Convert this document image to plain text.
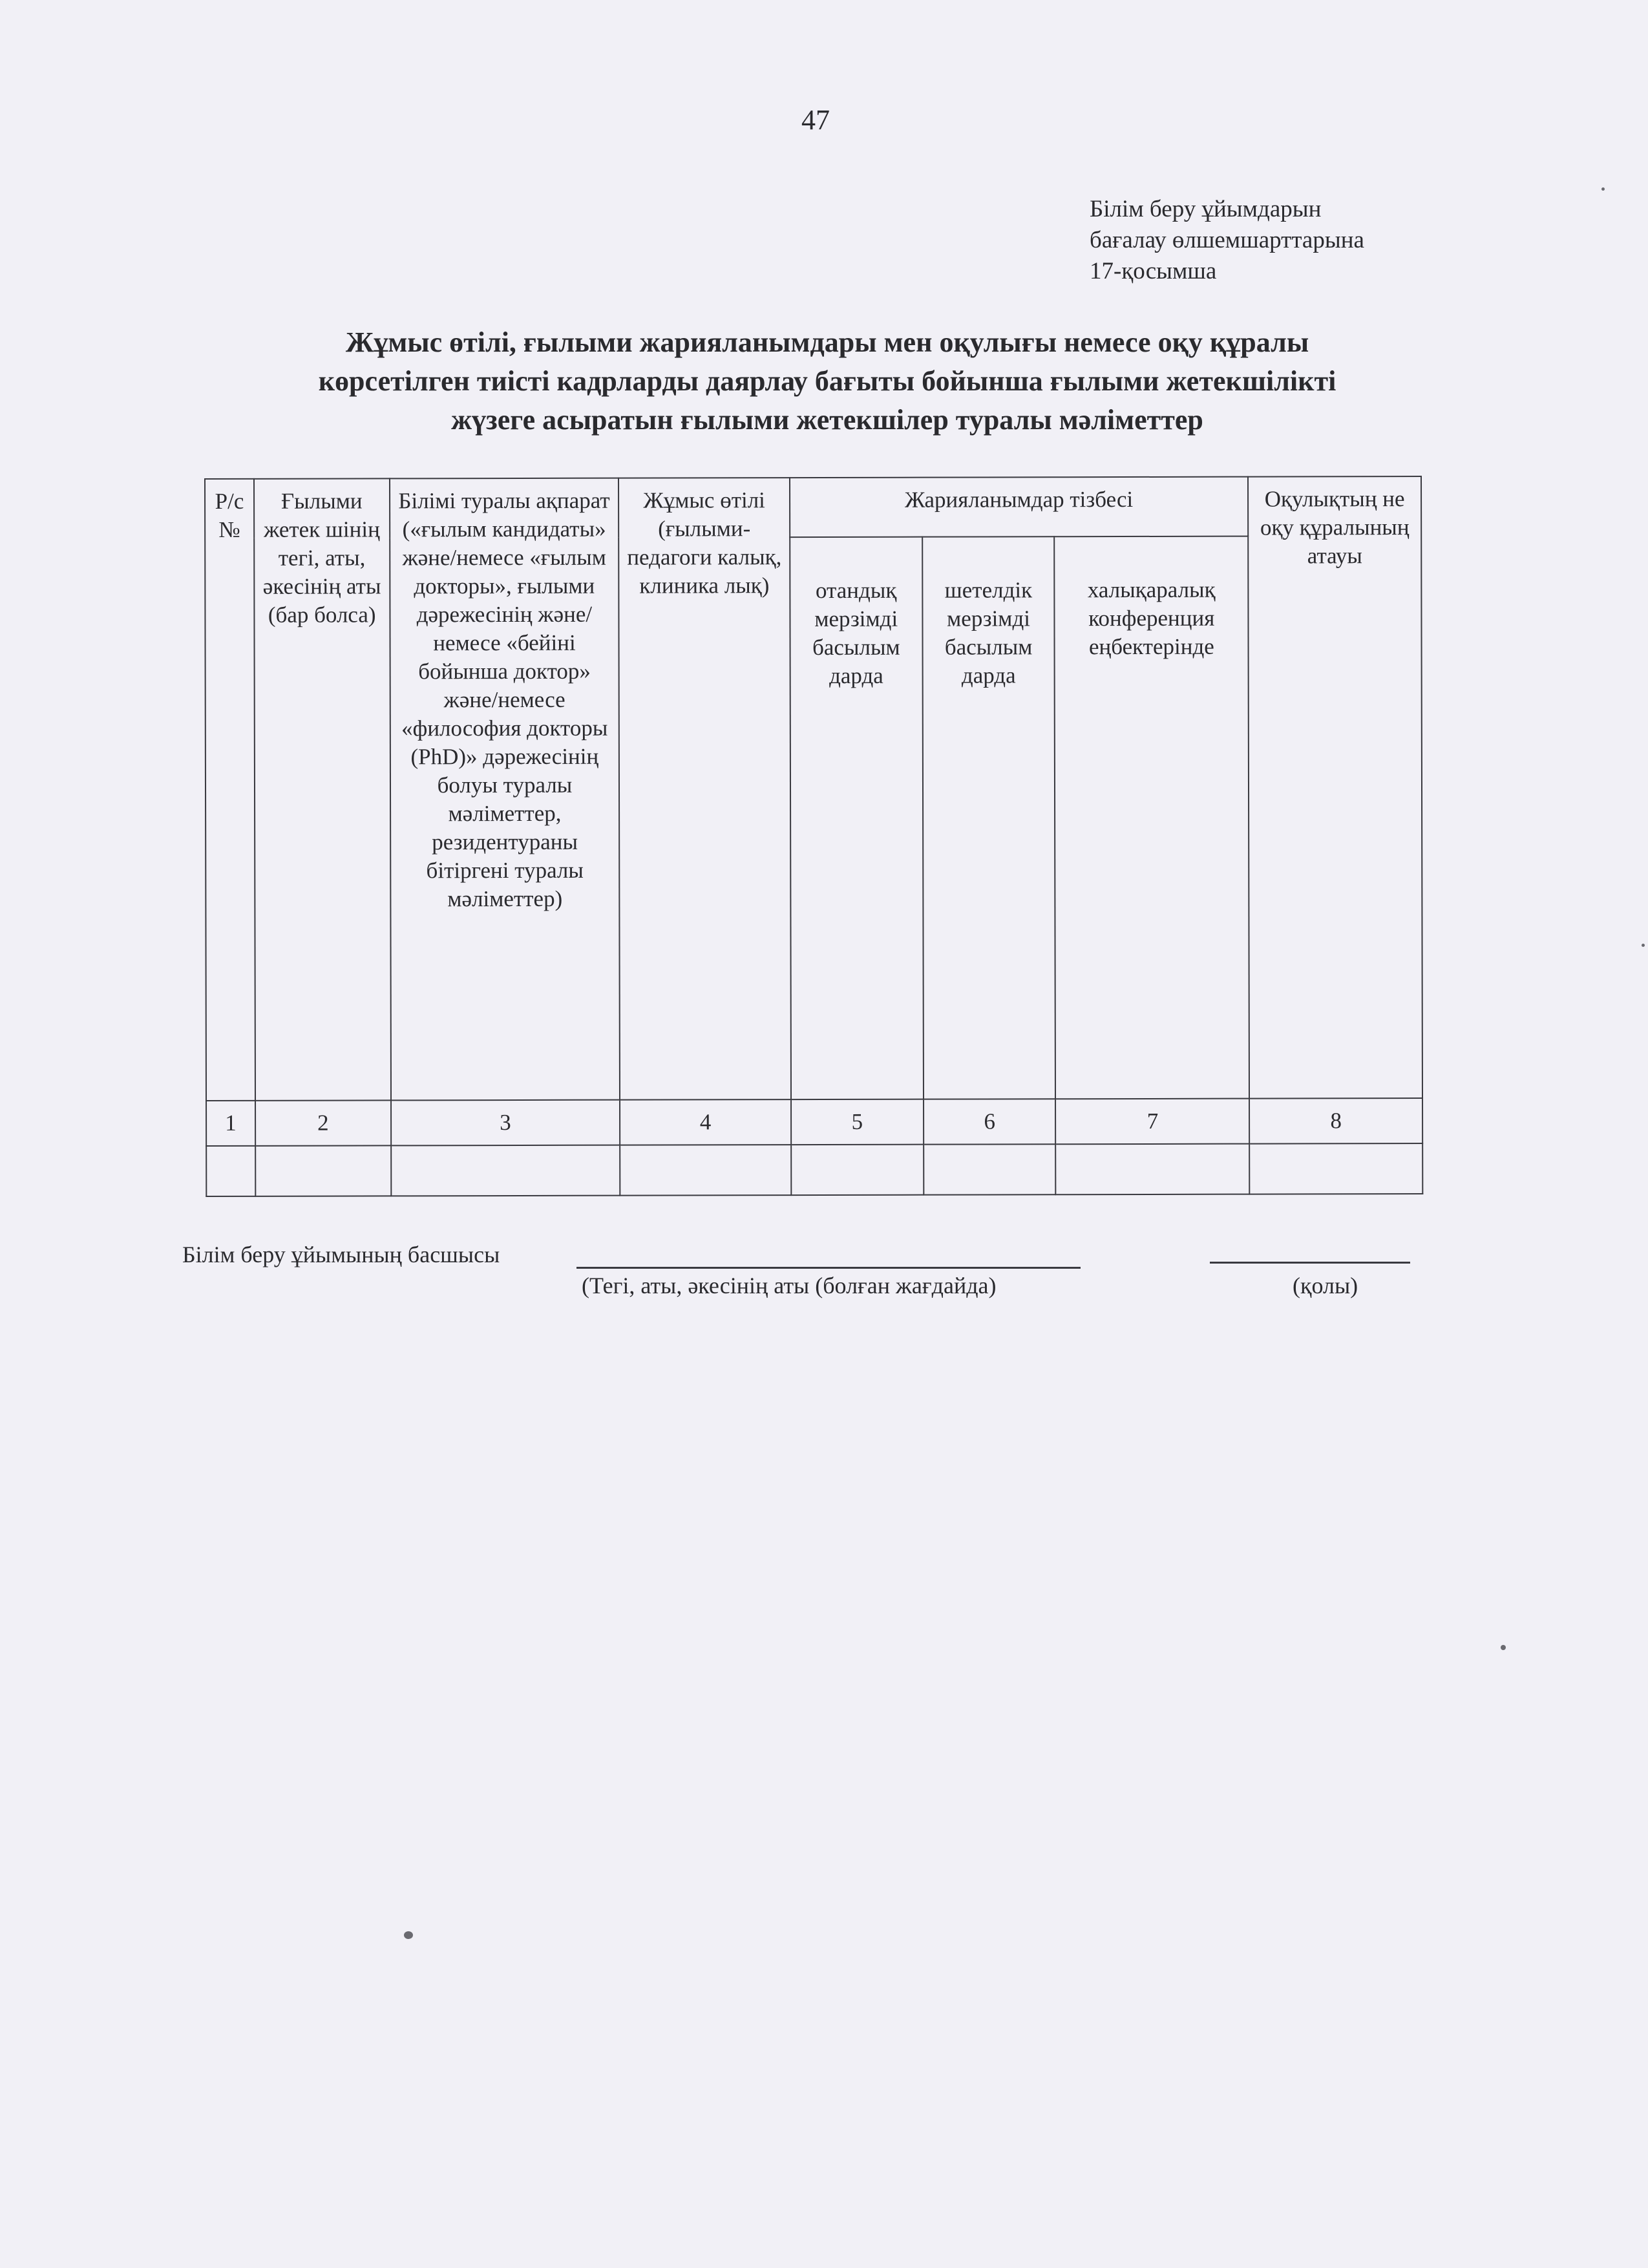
47
Білім беру ұйымдарын
бағалау өлшемшарттарына
17-қосымша
Жұмыс өтілі, ғылыми жарияланымдары мен оқулығы немесе оқу құралы
көрсетілген тиісті кадрларды даярлау бағыты бойынша ғылыми жетекшілікті
жүзеге асыратын ғылыми жетекшілер туралы мәліметтер
Р/с №	Ғылыми жетек шінің тегі, аты, әкесінің аты (бар болса)	Білімі туралы ақпарат («ғылым кандидаты» және/немесе «ғылым докторы», ғылыми дәрежесінің және/немесе «бейіні бойынша доктор» және/немесе «философия докторы (PhD)» дәрежесінің болуы туралы мәліметтер, резидентураны бітіргені туралы мәліметтер)	Жұмыс өтілі (ғылыми-педагоги калық, клиника лық)	Жарияланымдар тізбесі			Оқулықтың не оқу құралының атауы
				отандық мерзімді басылым дарда	шетелдік мерзімді басылым дарда	халықаралық конференция еңбектерінде	
1	2	3	4	5	6	7	8

Білім беру ұйымының басшысы
(Тегі, аты, әкесінің аты (болған жағдайда)	(қолы)
